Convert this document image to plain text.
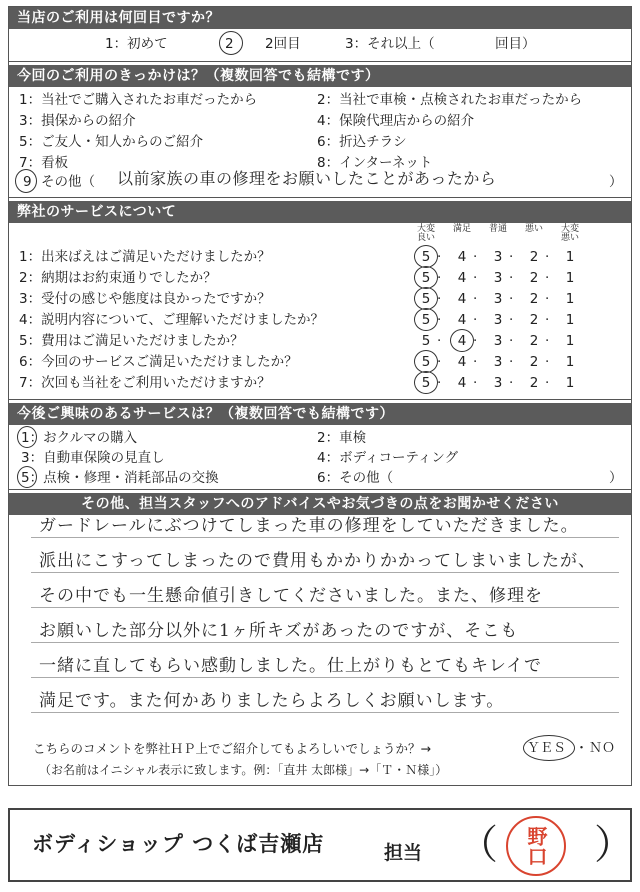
当店のご利用は何回目ですか？
1：初めて	2 2回目	3：それ以上（	回目）
今回のご利用のきっかけは？（複数回答でも結構です）
1：当社でご購入されたお車だったから	2：当社で車検・点検されたお車だったから
3：損保からの紹介	4：保険代理店からの紹介
5：ご友人・知人からのご紹介	6：折込チラシ
7：看板	8：インターネット
9 その他（ 以前家族の車の修理をお願いしたことがあったから	）
弊社のサービスについて
大変良い
満足	普通	悪い	大変悪い
1：出来ばえはご満足いただけましたか？	5 ·	4 ·	3 ·	2 ·	1
2：納期はお約束通りでしたか？	5 ·	4 ·	3 ·	2 ·	1
3：受付の感じや態度は良かったですか？	5 ·	4 ·	3 ·	2 ·	1
4：説明内容について、ご理解いただけましたか？	5 ·	4 ·	3 ·	2 ·	1
5：費用はご満足いただけましたか？	5 ·	4 ·	3 ·	2 ·	1
6：今回のサービスご満足いただけましたか？	5 ·	4 ·	3 ·	2 ·	1
7：次回も当社をご利用いただけますか？	5 ·	4 ·	3 ·	2 ·	1
今後ご興味のあるサービスは？（複数回答でも結構です）
1：おクルマの購入	2：車検
3：自動車保険の見直し	4：ボディコーティング
5：点検・修理・消耗部品の交換	6：その他（	）
その他、担当スタッフへのアドバイスやお気づきの点をお聞かせください
ガードレールにぶつけてしまった車の修理をしていただきました。
派出にこすってしまったので費用もかかりかかってしまいましたが、
その中でも一生懸命値引きしてくださいました。また、修理を
お願いした部分以外に1ヶ所キズがあったのですが、そこも
一緒に直してもらい感動しました。仕上がりもとてもキレイで
満足です。また何かありましたらよろしくお願いします。
こちらのコメントを弊社ＨＰ上でご紹介してもよろしいでしょうか？→	ＹＥＳ ・ ＮＯ
（お名前はイニシャル表示に致します。例：「直井 太郎様」→「Ｔ・Ｎ様」）
ボディショップ つくば吉瀬店	担当 （ ）
野口
